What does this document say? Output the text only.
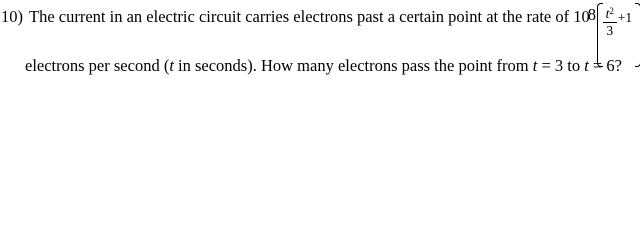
10) The current in an electric circuit carries electrons past a certain point at the rate of 10
8 $t^2$
3
+1
electrons per second (t in seconds). How many electrons pass the point from t = 3 to t = 6?
